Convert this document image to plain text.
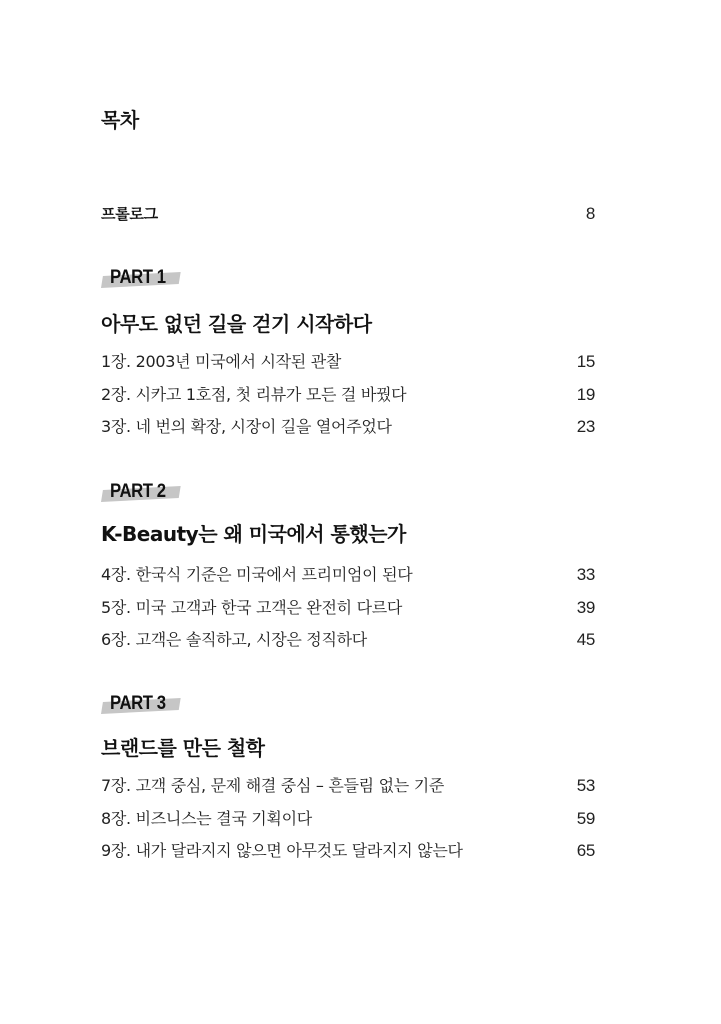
목차
프롤로그	8
PART 1
아무도 없던 길을 걷기 시작하다
1장. 2003년 미국에서 시작된 관찰	15
2장. 시카고 1호점, 첫 리뷰가 모든 걸 바꿨다	19
3장. 네 번의 확장, 시장이 길을 열어주었다	23
PART 2
K-Beauty는 왜 미국에서 통했는가
4장. 한국식 기준은 미국에서 프리미엄이 된다	33
5장. 미국 고객과 한국 고객은 완전히 다르다	39
6장. 고객은 솔직하고, 시장은 정직하다	45
PART 3
브랜드를 만든 철학
7장. 고객 중심, 문제 해결 중심 – 흔들림 없는 기준	53
8장. 비즈니스는 결국 기획이다	59
9장. 내가 달라지지 않으면 아무것도 달라지지 않는다	65
